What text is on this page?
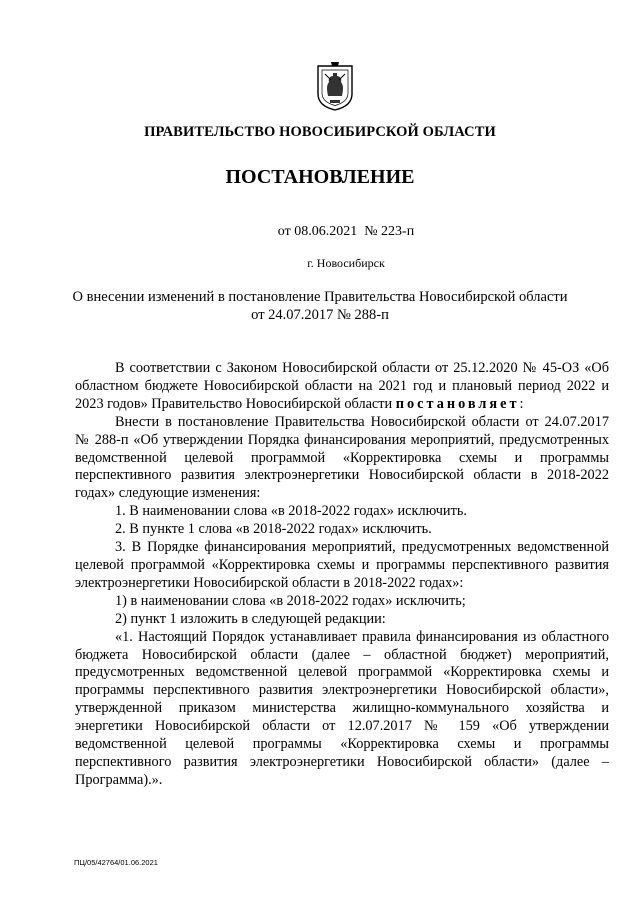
ПРАВИТЕЛЬСТВО НОВОСИБИРСКОЙ ОБЛАСТИ
ПОСТАНОВЛЕНИЕ
от 08.06.2021  № 223-п
г. Новосибирск
О внесении изменений в постановление Правительства Новосибирской области
от 24.07.2017 № 288-п

В соответствии с Законом Новосибирской области от 25.12.2020 № 45-ОЗ «Об областном бюджете Новосибирской области на 2021 год и плановый период 2022 и 2023 годов» Правительство Новосибирской области постановляет:

Внести в постановление Правительства Новосибирской области от 24.07.2017 № 288-п «Об утверждении Порядка финансирования мероприятий, предусмотренных ведомственной целевой программой «Корректировка схемы и программы перспективного развития электроэнергетики Новосибирской области в 2018-2022 годах» следующие изменения:

1. В наименовании слова «в 2018-2022 годах» исключить.

2. В пункте 1 слова «в 2018-2022 годах» исключить.

3. В Порядке финансирования мероприятий, предусмотренных ведомственной целевой программой «Корректировка схемы и программы перспективного развития электроэнергетики Новосибирской области в 2018-2022 годах»:

1) в наименовании слова «в 2018-2022 годах» исключить;

2) пункт 1 изложить в следующей редакции:

«1. Настоящий Порядок устанавливает правила финансирования из областного бюджета Новосибирской области (далее – областной бюджет) мероприятий, предусмотренных ведомственной целевой программой «Корректировка схемы и программы перспективного развития электроэнергетики Новосибирской области», утвержденной приказом министерства жилищно-коммунального хозяйства и энергетики Новосибирской области от 12.07.2017 № 159 «Об утверждении ведомственной целевой программы «Корректировка схемы и программы перспективного развития электроэнергетики Новосибирской области» (далее – Программа).».

ПЦ/05/42764/01.06.2021
